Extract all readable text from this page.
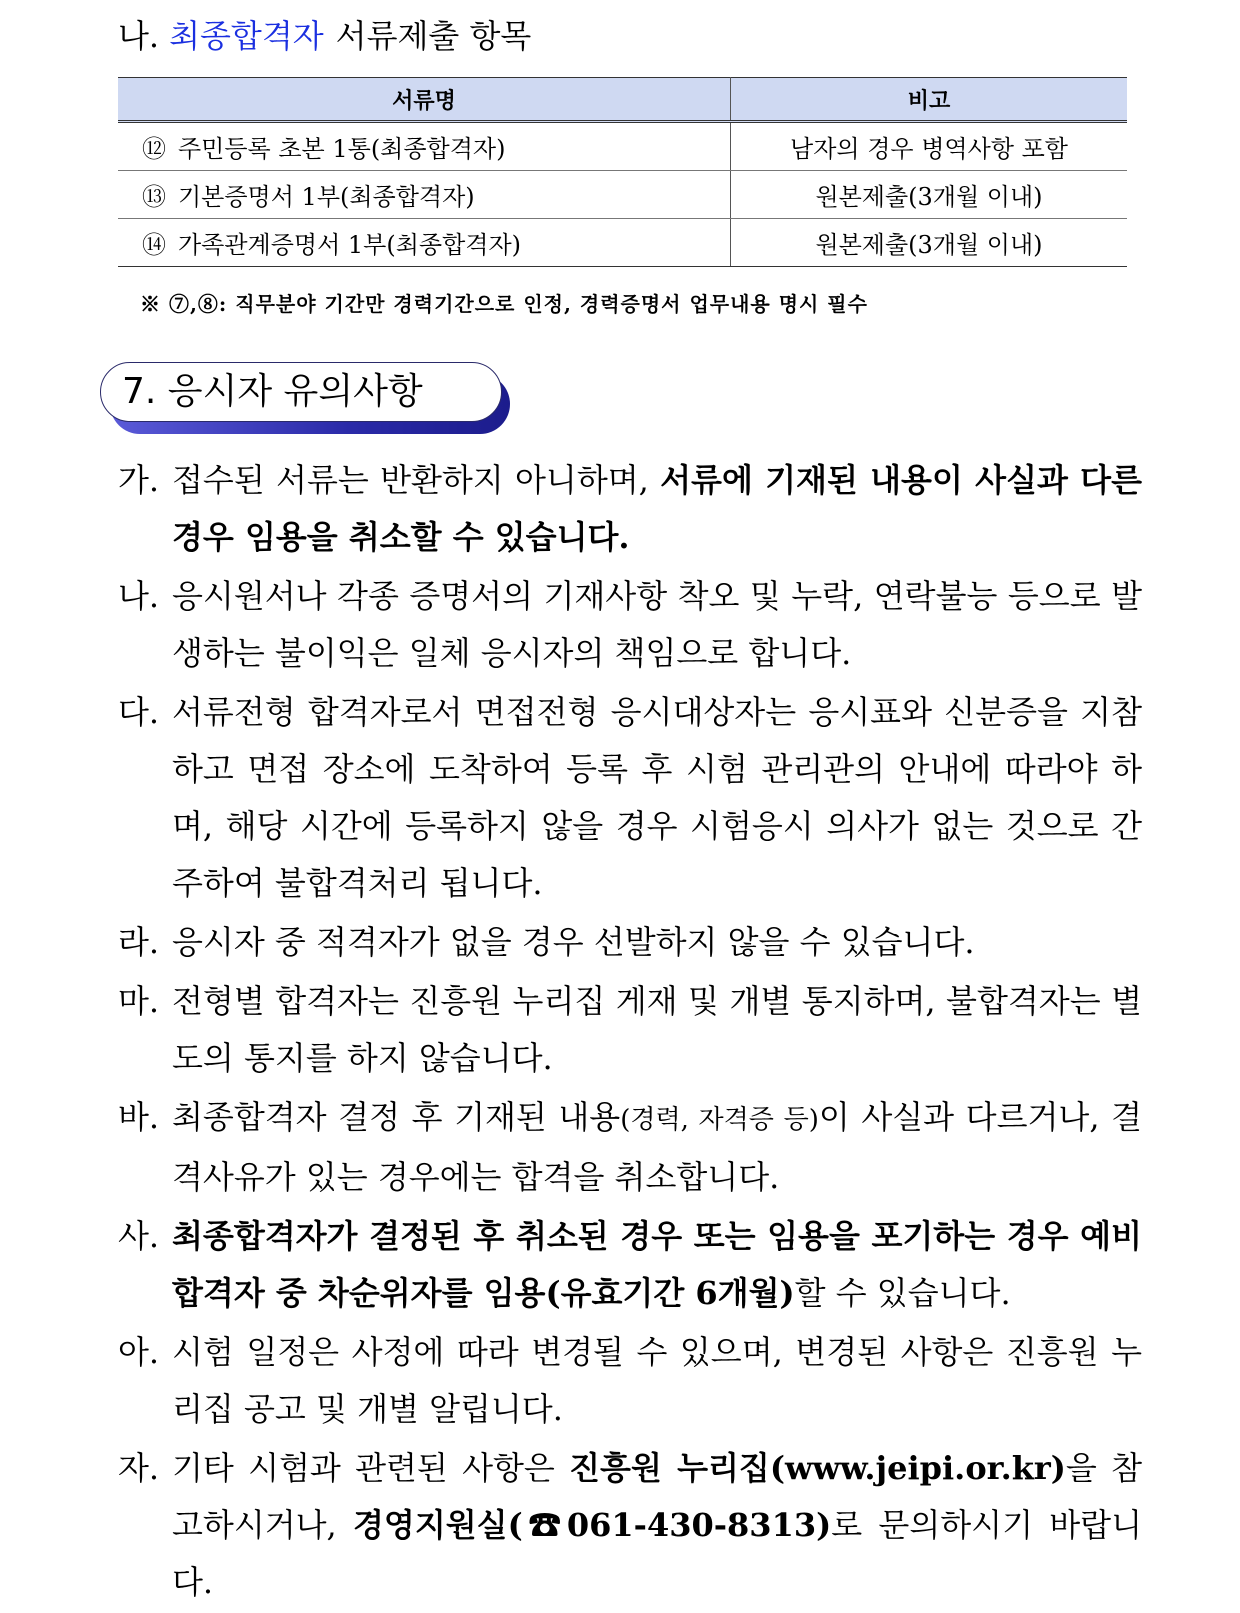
나. 최종합격자 서류제출 항목
서류명	비고
⑫ 주민등록 초본 1통(최종합격자)	남자의 경우 병역사항 포함
⑬ 기본증명서 1부(최종합격자)	원본제출(3개월 이내)
⑭ 가족관계증명서 1부(최종합격자)	원본제출(3개월 이내)
※ ⑦,⑧: 직무분야 기간만 경력기간으로 인정, 경력증명서 업무내용 명시 필수
7. 응시자 유의사항
가. 접수된 서류는 반환하지 아니하며, 서류에 기재된 내용이 사실과 다른 경우 임용을 취소할 수 있습니다.
나. 응시원서나 각종 증명서의 기재사항 착오 및 누락, 연락불능 등으로 발생하는 불이익은 일체 응시자의 책임으로 합니다.
다. 서류전형 합격자로서 면접전형 응시대상자는 응시표와 신분증을 지참하고 면접 장소에 도착하여 등록 후 시험 관리관의 안내에 따라야 하며, 해당 시간에 등록하지 않을 경우 시험응시 의사가 없는 것으로 간주하여 불합격처리 됩니다.
라. 응시자 중 적격자가 없을 경우 선발하지 않을 수 있습니다.
마. 전형별 합격자는 진흥원 누리집 게재 및 개별 통지하며, 불합격자는 별도의 통지를 하지 않습니다.
바. 최종합격자 결정 후 기재된 내용(경력, 자격증 등)이 사실과 다르거나, 결격사유가 있는 경우에는 합격을 취소합니다.
사. 최종합격자가 결정된 후 취소된 경우 또는 임용을 포기하는 경우 예비 합격자 중 차순위자를 임용(유효기간 6개월)할 수 있습니다.
아. 시험 일정은 사정에 따라 변경될 수 있으며, 변경된 사항은 진흥원 누리집 공고 및 개별 알립니다.
자. 기타 시험과 관련된 사항은 진흥원 누리집(www.jeipi.or.kr)을 참고하시거나, 경영지원실(☎061-430-8313)로 문의하시기 바랍니다.
